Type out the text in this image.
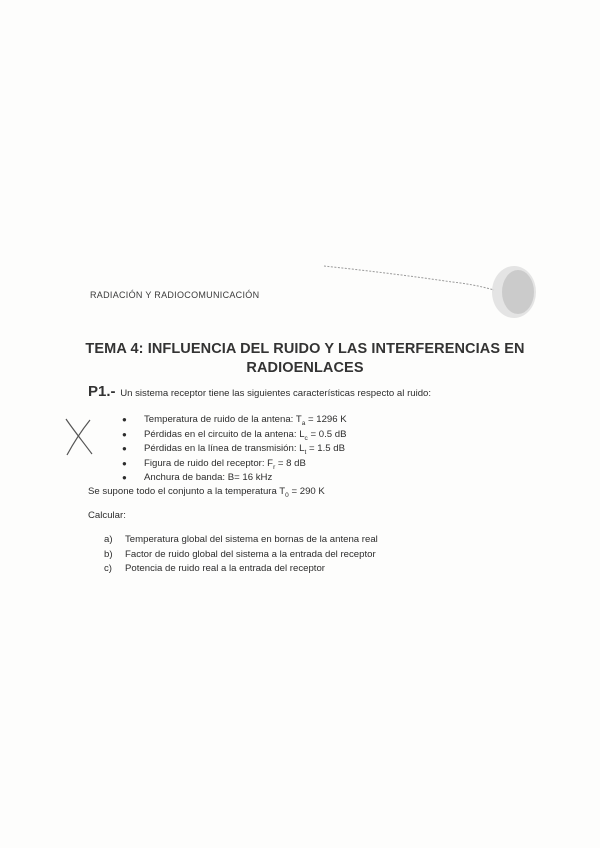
RADIACIÓN Y RADIOCOMUNICACIÓN
TEMA 4: INFLUENCIA DEL RUIDO Y LAS INTERFERENCIAS EN
RADIOENLACES
P1.- Un sistema receptor tiene las siguientes características respecto al ruido:
● Temperatura de ruido de la antena: $T_a = 1296$ K
● Pérdidas en el circuito de la antena: $L_c = 0.5$ dB
● Pérdidas en la línea de transmisión: $L_t = 1.5$ dB
● Figura de ruido del receptor: $F_r = 8$ dB
● Anchura de banda: B= 16 kHz
Se supone todo el conjunto a la temperatura $T_0 = 290$ K
Calcular:
a) Temperatura global del sistema en bornas de la antena real
b) Factor de ruido global del sistema a la entrada del receptor
c) Potencia de ruido real a la entrada del receptor
